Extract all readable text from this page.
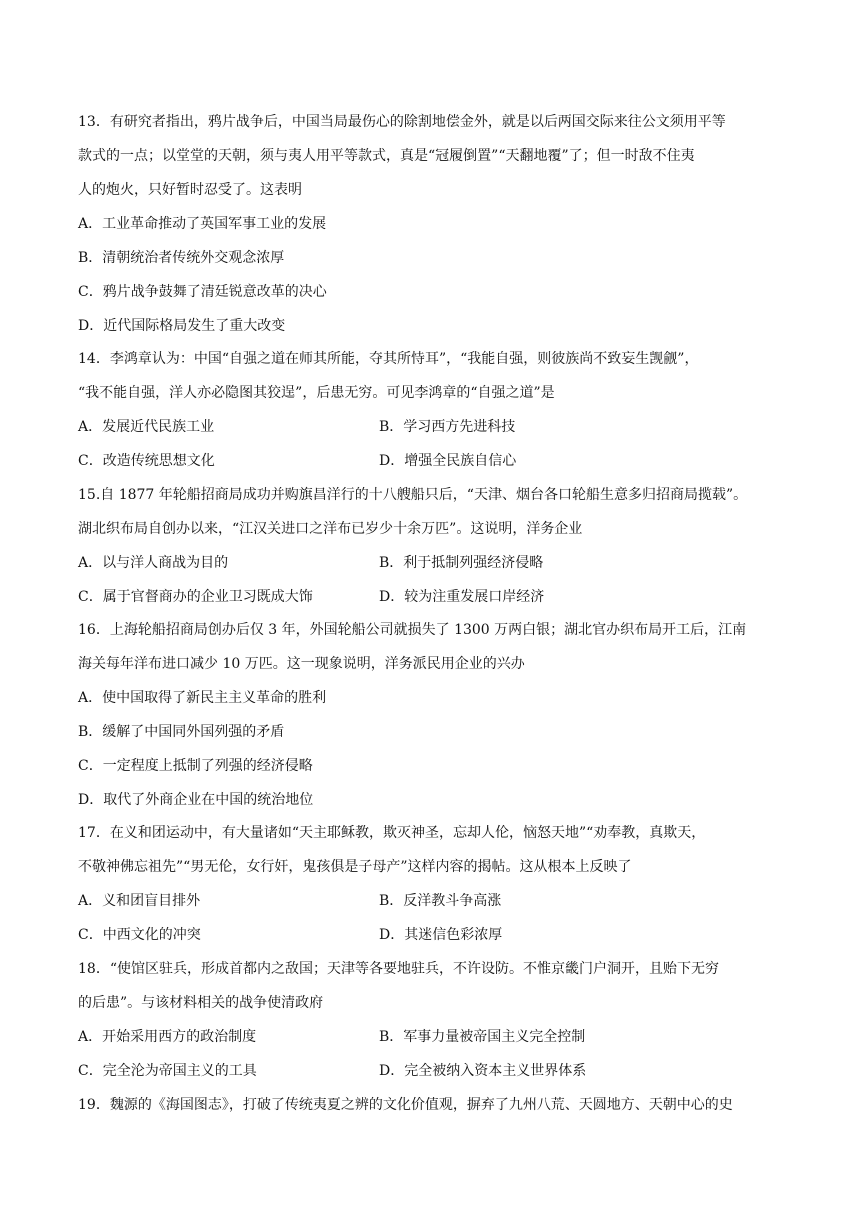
13．有研究者指出，鸦片战争后，中国当局最伤心的除割地偿金外，就是以后两国交际来往公文须用平等
款式的一点；以堂堂的天朝，须与夷人用平等款式，真是“冠履倒置”“天翻地覆”了；但一时敌不住夷
人的炮火，只好暂时忍受了。这表明
A．工业革命推动了英国军事工业的发展
B．清朝统治者传统外交观念浓厚
C．鸦片战争鼓舞了清廷锐意改革的决心
D．近代国际格局发生了重大改变
14．李鸿章认为：中国“自强之道在师其所能，夺其所恃耳”，“我能自强，则彼族尚不致妄生觊觎”，
“我不能自强，洋人亦必隐图其狡逞”，后患无穷。可见李鸿章的“自强之道”是
A．发展近代民族工业	B．学习西方先进科技
C．改造传统思想文化	D．增强全民族自信心
15.自 1877 年轮船招商局成功并购旗昌洋行的十八艘船只后，“天津、烟台各口轮船生意多归招商局揽载”。
湖北织布局自创办以来，“江汉关进口之洋布已岁少十余万匹”。这说明，洋务企业
A．以与洋人商战为目的	B．利于抵制列强经济侵略
C．属于官督商办的企业卫习既成大饰	D．较为注重发展口岸经济
16．上海轮船招商局创办后仅 3 年，外国轮船公司就损失了 1300 万两白银；湖北官办织布局开工后，江南
海关每年洋布进口减少 10 万匹。这一现象说明，洋务派民用企业的兴办
A．使中国取得了新民主主义革命的胜利
B．缓解了中国同外国列强的矛盾
C．一定程度上抵制了列强的经济侵略
D．取代了外商企业在中国的统治地位
17．在义和团运动中，有大量诸如“天主耶稣教，欺灭神圣，忘却人伦，恼怒天地”“劝奉教，真欺天，
不敬神佛忘祖先”“男无伦，女行奸，鬼孩俱是子母产”这样内容的揭帖。这从根本上反映了
A．义和团盲目排外	B．反洋教斗争高涨
C．中西文化的冲突	D．其迷信色彩浓厚
18．“使馆区驻兵，形成首都内之敌国；天津等各要地驻兵，不许设防。不惟京畿门户洞开，且贻下无穷
的后患”。与该材料相关的战争使清政府
A．开始采用西方的政治制度	B．军事力量被帝国主义完全控制
C．完全沦为帝国主义的工具	D．完全被纳入资本主义世界体系
19．魏源的《海国图志》，打破了传统夷夏之辨的文化价值观，摒弃了九州八荒、天圆地方、天朝中心的史
